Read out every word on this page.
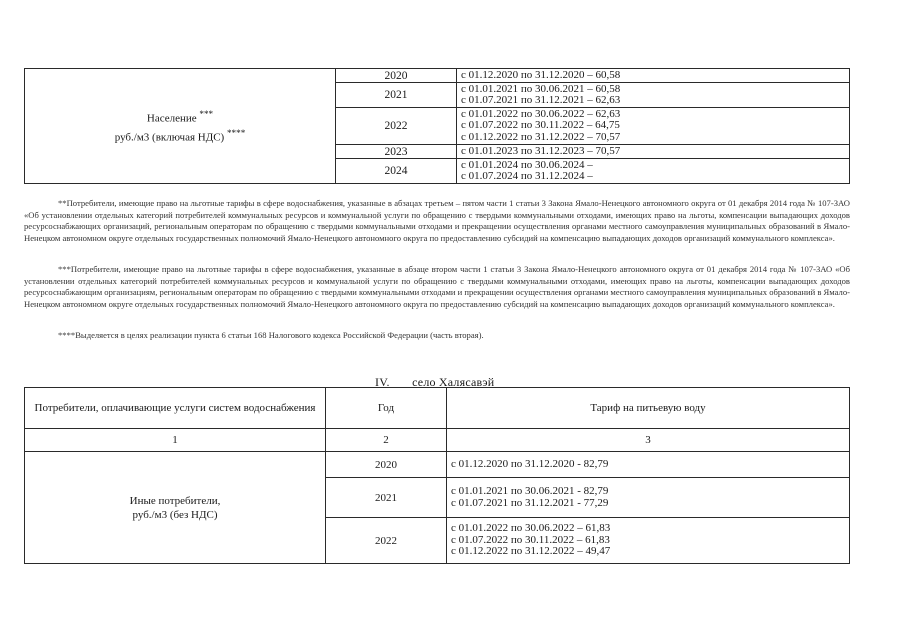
Население ***
руб./м3 (включая НДС) ****	2020	с 01.12.2020 по 31.12.2020 – 60,58

	2021	с 01.01.2021 по 30.06.2021 – 60,58
с 01.07.2021 по 31.12.2021 – 62,63

	2022	с 01.01.2022 по 30.06.2022 – 62,63
с 01.07.2022 по 30.11.2022 – 64,75
с 01.12.2022 по 31.12.2022 – 70,57

	2023	с 01.01.2023 по 31.12.2023 – 70,57

	2024	с 01.01.2024 по 30.06.2024 –
с 01.07.2024 по 31.12.2024 –
**Потребители, имеющие право на льготные тарифы в сфере водоснабжения, указанные в абзацах третьем – пятом части 1 статьи 3 Закона Ямало-Ненецкого автономного округа от 01 декабря 2014 года № 107-ЗАО «Об установлении отдельных категорий потребителей коммунальных ресурсов и коммунальной услуги по обращению с твердыми коммунальными отходами, имеющих право на льготы, компенсации выпадающих доходов ресурсоснабжающих организаций, региональным операторам по обращению с твердыми коммунальными отходами и прекращении осуществления органами местного самоуправления муниципальных образований в Ямало-Ненецком автономном округе отдельных государственных полномочий Ямало-Ненецкого автономного округа по предоставлению субсидий на компенсацию выпадающих доходов организаций коммунального комплекса».
***Потребители, имеющие право на льготные тарифы в сфере водоснабжения, указанные в абзаце втором части 1 статьи 3 Закона Ямало-Ненецкого автономного округа от 01 декабря 2014 года № 107-ЗАО «Об установлении отдельных категорий потребителей коммунальных ресурсов и коммунальной услуги по обращению с твердыми коммунальными отходами, имеющих право на льготы, компенсации выпадающих доходов ресурсоснабжающим организациям, региональным операторам по обращению с твердыми коммунальными отходами и прекращении осуществления органами местного самоуправления муниципальных образований в Ямало-Ненецком автономном округе отдельных государственных полномочий Ямало-Ненецкого автономного округа по предоставлению субсидий на компенсацию выпадающих доходов организаций коммунального комплекса».
****Выделяется в целях реализации пункта 6 статьи 168 Налогового кодекса Российской Федерации (часть вторая).
IV. село Халясавэй
Потребители, оплачивающие услуги систем водоснабжения	Год	Тариф на питьевую воду
1	2	3
Иные потребители,
руб./м3 (без НДС)	2020	с 01.12.2020 по 31.12.2020 - 82,79

	2021	с 01.01.2021 по 30.06.2021 - 82,79
с 01.07.2021 по 31.12.2021 - 77,29

	2022	с 01.01.2022 по 30.06.2022 – 61,83
с 01.07.2022 по 30.11.2022 – 61,83
с 01.12.2022 по 31.12.2022 – 49,47
